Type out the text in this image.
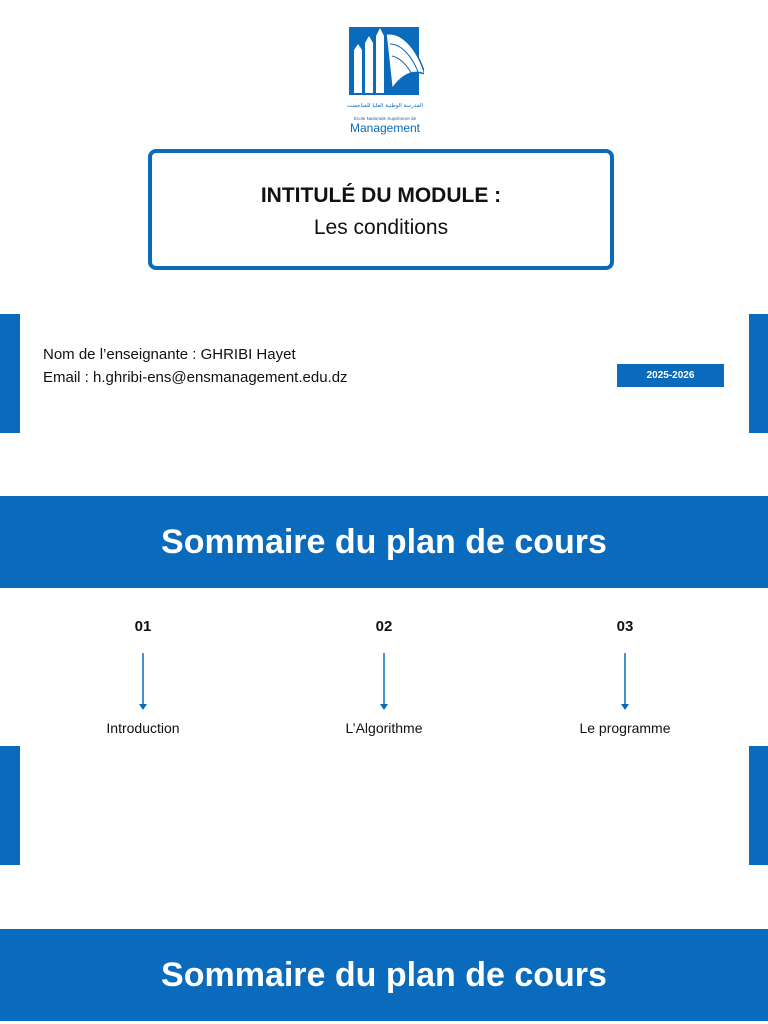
المدرسة الوطنية العليا للمناجمنت
Ecole Nationale Supérieure de
Management
INTITULÉ DU MODULE :
Les conditions
Nom de l’enseignante : GHRIBI Hayet
Email : h.ghribi-ens@ensmanagement.edu.dz	2025-2026
Sommaire du plan de cours
01
Introduction
02
L’Algorithme
03
Le programme
Sommaire du plan de cours
